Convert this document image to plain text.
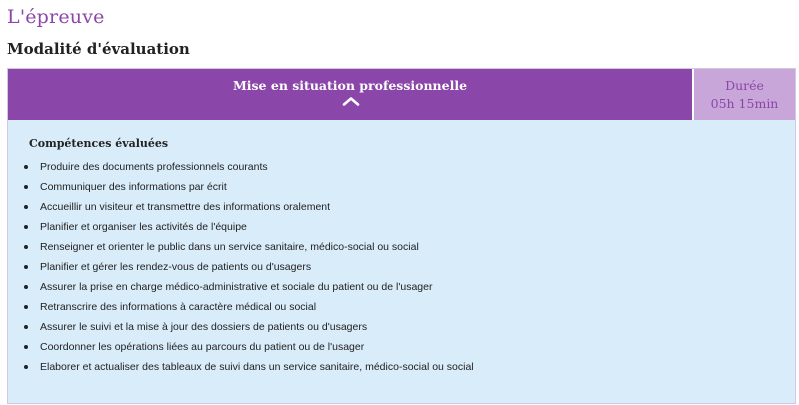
L'épreuve
Modalité d'évaluation
Mise en situation professionnelle	Durée
05h 15min
Compétences évaluées
Produire des documents professionnels courants
Communiquer des informations par écrit
Accueillir un visiteur et transmettre des informations oralement
Planifier et organiser les activités de l'équipe
Renseigner et orienter le public dans un service sanitaire, médico-social ou social
Planifier et gérer les rendez-vous de patients ou d'usagers
Assurer la prise en charge médico-administrative et sociale du patient ou de l'usager
Retranscrire des informations à caractère médical ou social
Assurer le suivi et la mise à jour des dossiers de patients ou d'usagers
Coordonner les opérations liées au parcours du patient ou de l'usager
Elaborer et actualiser des tableaux de suivi dans un service sanitaire, médico-social ou social
